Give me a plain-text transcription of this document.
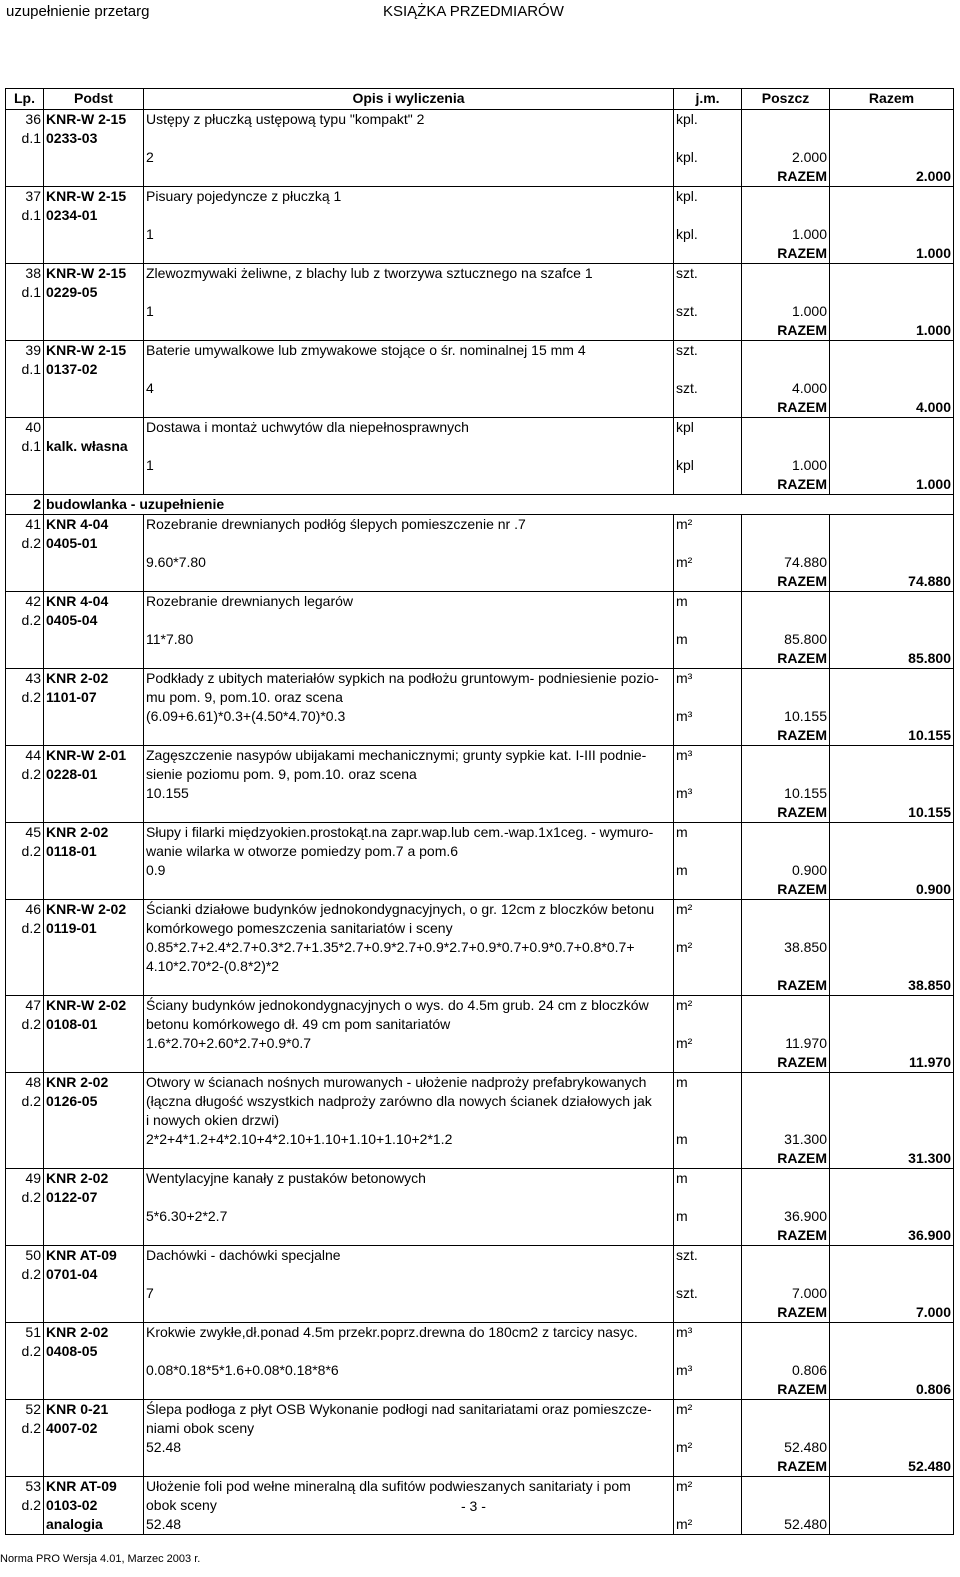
uzupełnienie przetarg	KSIĄŻKA PRZEDMIARÓW
Lp.	Podst	Opis i wyliczenia	j.m.	Poszcz	Razem
36	KNR-W 2-15	Ustępy z płuczką ustępową typu "kompakt" 2	kpl.		
d.1	0233-03				
		2	kpl.	2.000	
				RAZEM	2.000
37	KNR-W 2-15	Pisuary pojedyncze z płuczką 1	kpl.		
d.1	0234-01				
		1	kpl.	1.000	
				RAZEM	1.000
38	KNR-W 2-15	Zlewozmywaki żeliwne, z blachy lub z tworzywa sztucznego na szafce 1	szt.		
d.1	0229-05				
		1	szt.	1.000	
				RAZEM	1.000
39	KNR-W 2-15	Baterie umywalkowe lub zmywakowe stojące o śr. nominalnej 15 mm 4	szt.		
d.1	0137-02				
		4	szt.	4.000	
				RAZEM	4.000
40		Dostawa i montaż uchwytów dla niepełnosprawnych	kpl		
d.1	kalk. własna				
		1	kpl	1.000	
				RAZEM	1.000
2	budowlanka - uzupełnienie				
41	KNR 4-04	Rozebranie drewnianych podłóg ślepych pomieszczenie nr .7	m²		
d.2	0405-01				
		9.60*7.80	m²	74.880	
				RAZEM	74.880
42	KNR 4-04	Rozebranie drewnianych legarów	m		
d.2	0405-04				
		11*7.80	m	85.800	
				RAZEM	85.800
43	KNR 2-02	Podkłady z ubitych materiałów sypkich na podłożu gruntowym- podniesienie pozio-	m³		
d.2	1101-07	mu pom. 9, pom.10. oraz scena			
		(6.09+6.61)*0.3+(4.50*4.70)*0.3	m³	10.155	
				RAZEM	10.155
44	KNR-W 2-01	Zagęszczenie nasypów ubijakami mechanicznymi; grunty sypkie kat. I-III podnie-	m³		
d.2	0228-01	sienie poziomu pom. 9, pom.10. oraz scena			
		10.155	m³	10.155	
				RAZEM	10.155
45	KNR 2-02	Słupy i filarki międzyokien.prostokąt.na zapr.wap.lub cem.-wap.1x1ceg. - wymuro-	m		
d.2	0118-01	wanie wilarka w otworze pomiedzy pom.7 a pom.6			
		0.9	m	0.900	
				RAZEM	0.900
46	KNR-W 2-02	Ścianki działowe budynków jednokondygnacyjnych, o gr. 12cm z bloczków betonu	m²		
d.2	0119-01	komórkowego pomeszczenia sanitariatów i sceny			
		0.85*2.7+2.4*2.7+0.3*2.7+1.35*2.7+0.9*2.7+0.9*2.7+0.9*0.7+0.9*0.7+0.8*0.7+	m²	38.850	
		4.10*2.70*2-(0.8*2)*2			
				RAZEM	38.850
47	KNR-W 2-02	Ściany budynków jednokondygnacyjnych o wys. do 4.5m grub. 24 cm z bloczków	m²		
d.2	0108-01	betonu komórkowego dł. 49 cm pom sanitariatów			
		1.6*2.70+2.60*2.7+0.9*0.7	m²	11.970	
				RAZEM	11.970
48	KNR 2-02	Otwory w ścianach nośnych murowanych - ułożenie nadproży prefabrykowanych	m		
d.2	0126-05	(łączna długość wszystkich nadproży zarówno dla nowych ścianek działowych jak			
		i nowych okien drzwi)			
		2*2+4*1.2+4*2.10+4*2.10+1.10+1.10+1.10+2*1.2	m	31.300	
				RAZEM	31.300
49	KNR 2-02	Wentylacyjne kanały z pustaków betonowych	m		
d.2	0122-07				
		5*6.30+2*2.7	m	36.900	
				RAZEM	36.900
50	KNR AT-09	Dachówki - dachówki specjalne	szt.		
d.2	0701-04				
		7	szt.	7.000	
				RAZEM	7.000
51	KNR 2-02	Krokwie zwykłe,dł.ponad 4.5m przekr.poprz.drewna do 180cm2 z tarcicy nasyc.	m³		
d.2	0408-05				
		0.08*0.18*5*1.6+0.08*0.18*8*6	m³	0.806	
				RAZEM	0.806
52	KNR 0-21	Ślepa podłoga z płyt OSB Wykonanie podłogi nad sanitariatami oraz pomieszcze-	m²		
d.2	4007-02	niami obok sceny			
		52.48	m²	52.480	
				RAZEM	52.480
53	KNR AT-09	Ułożenie foli pod wełne mineralną dla sufitów podwieszanych sanitariaty i pom	m²		
d.2	0103-02	obok sceny			
	analogia	52.48	m²	52.480	
- 3 -
Norma PRO Wersja 4.01, Marzec 2003 r.
